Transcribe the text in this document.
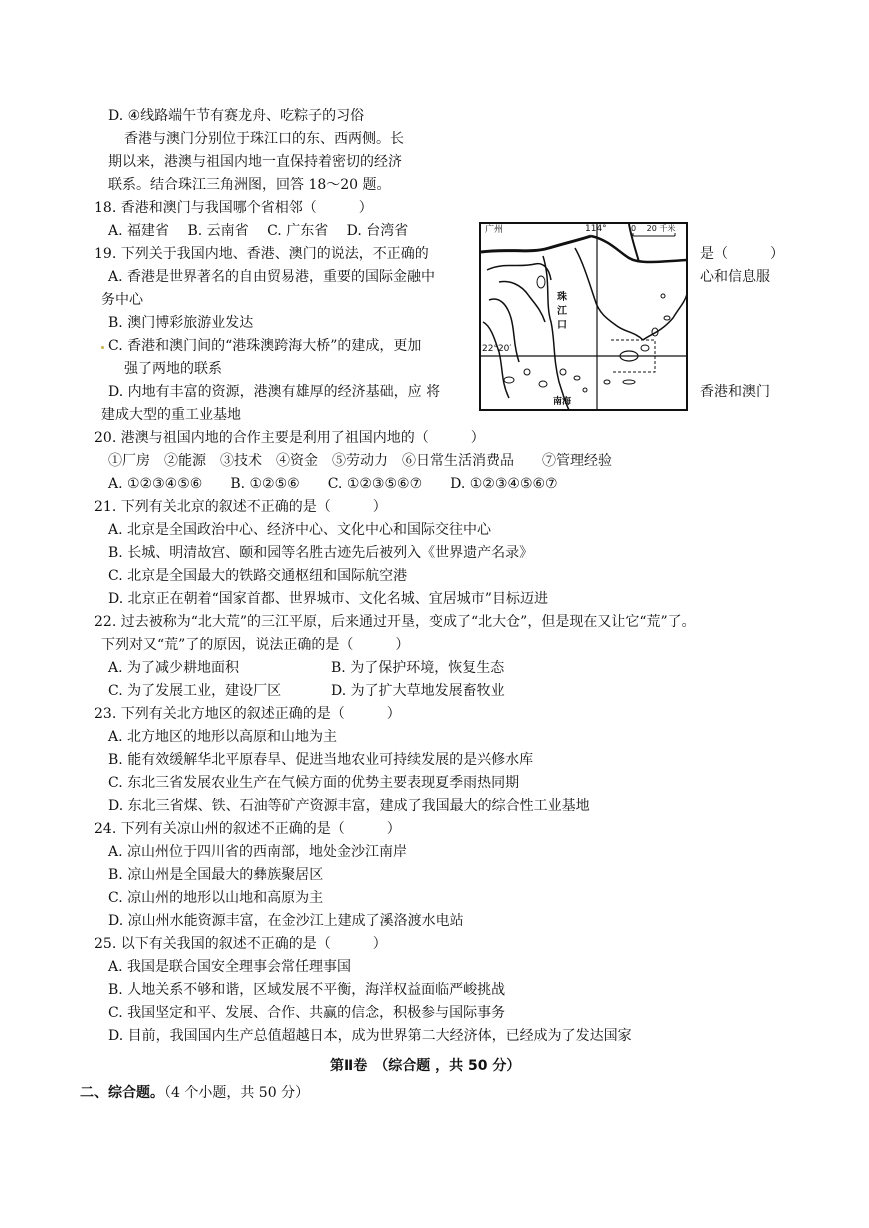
D. ④线路端午节有赛龙舟、吃粽子的习俗
香港与澳门分别位于珠江口的东、西两侧。长
期以来，港澳与祖国内地一直保持着密切的经济
联系。结合珠江三角洲图，回答 18～20 题。
18. 香港和澳门与我国哪个省相邻（　　　）
A. 福建省　 B. 云南省　 C. 广东省　 D. 台湾省
19. 下列关于我国内地、香港、澳门的说法，不正确的	是（　　　）
A. 香港是世界著名的自由贸易港，重要的国际金融中	心和信息服
务中心
B. 澳门博彩旅游业发达
C. 香港和澳门间的“港珠澳跨海大桥”的建成，更加
强了两地的联系
D. 内地有丰富的资源，港澳有雄厚的经济基础，应 将	香港和澳门
建成大型的重工业基地
20. 港澳与祖国内地的合作主要是利用了祖国内地的（　　　）
①厂房　②能源　③技术　④资金　⑤劳动力　⑥日常生活消费品　　⑦管理经验
A. ①②③④⑤⑥　　B. ①②⑤⑥　　C. ①②③⑤⑥⑦　　D. ①②③④⑤⑥⑦
21. 下列有关北京的叙述不正确的是（　　　）
A. 北京是全国政治中心、经济中心、文化中心和国际交往中心
B. 长城、明清故宫、颐和园等名胜古迹先后被列入《世界遗产名录》
C. 北京是全国最大的铁路交通枢纽和国际航空港
D. 北京正在朝着“国家首都、世界城市、文化名城、宜居城市”目标迈进
22. 过去被称为“北大荒”的三江平原，后来通过开垦，变成了“北大仓”，但是现在又让它“荒”了。
下列对又“荒”了的原因，说法正确的是（　　　）
A. 为了减少耕地面积	B. 为了保护环境，恢复生态
C. 为了发展工业，建设厂区	D. 为了扩大草地发展畜牧业
23. 下列有关北方地区的叙述正确的是（　　　）
A. 北方地区的地形以高原和山地为主
B. 能有效缓解华北平原春旱、促进当地农业可持续发展的是兴修水库
C. 东北三省发展农业生产在气候方面的优势主要表现夏季雨热同期
D. 东北三省煤、铁、石油等矿产资源丰富，建成了我国最大的综合性工业基地
24. 下列有关凉山州的叙述不正确的是（　　　）
A. 凉山州位于四川省的西南部，地处金沙江南岸
B. 凉山州是全国最大的彝族聚居区
C. 凉山州的地形以山地和高原为主
D. 凉山州水能资源丰富，在金沙江上建成了溪洛渡水电站
25. 以下有关我国的叙述不正确的是（　　　）
A. 我国是联合国安全理事会常任理事国
B. 人地关系不够和谐，区域发展不平衡，海洋权益面临严峻挑战
C. 我国坚定和平、发展、合作、共赢的信念，积极参与国际事务
D. 目前，我国国内生产总值超越日本，成为世界第二大经济体，已经成为了发达国家
第Ⅱ卷　（综合题 ，共 50 分）
二、综合题。（4 个小题，共 50 分）
广州	114°	0　 20 千米
珠
江
口
22°20′
南海
